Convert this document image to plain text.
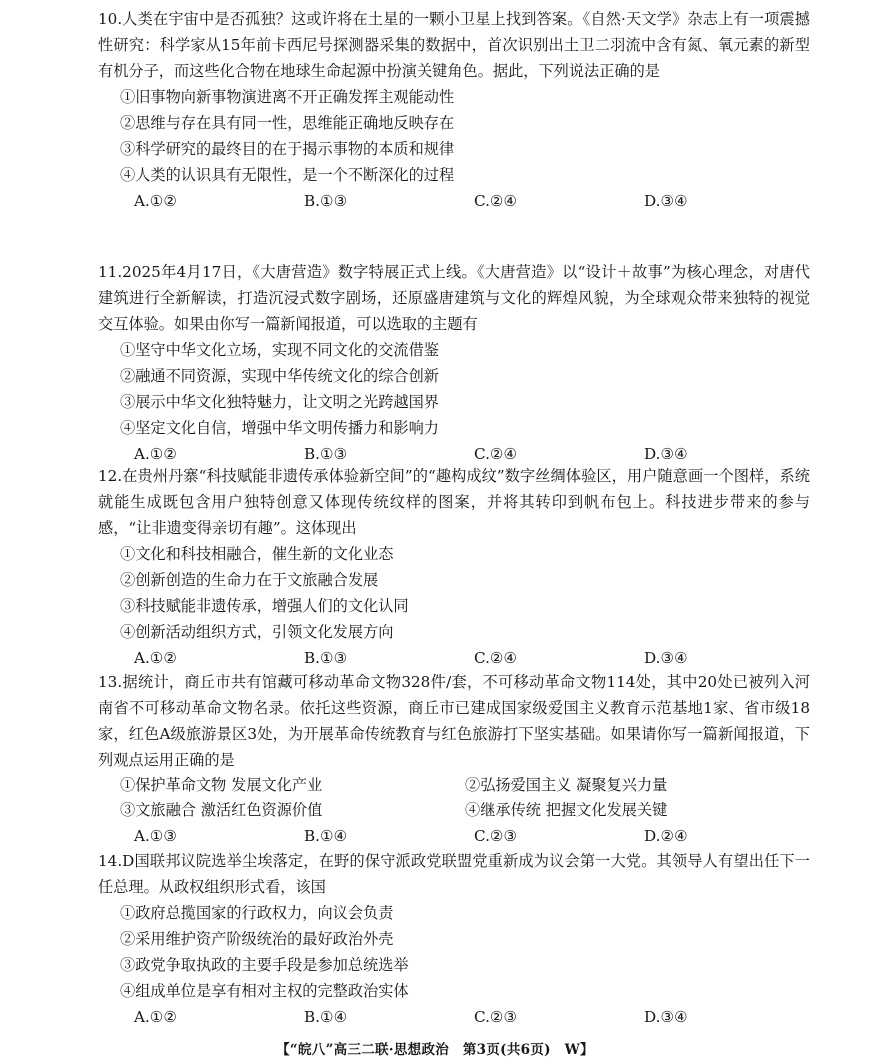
10.人类在宇宙中是否孤独？这或许将在土星的一颗小卫星上找到答案。《自然·天文学》杂志上有一项震撼性研究：科学家从15年前卡西尼号探测器采集的数据中，首次识别出土卫二羽流中含有氮、氧元素的新型有机分子，而这些化合物在地球生命起源中扮演关键角色。据此，下列说法正确的是

①旧事物向新事物演进离不开正确发挥主观能动性

②思维与存在具有同一性，思维能正确地反映存在

③科学研究的最终目的在于揭示事物的本质和规律

④人类的认识具有无限性，是一个不断深化的过程

A.①②	B.①③	C.②④	D.③④

11.2025年4月17日，《大唐营造》数字特展正式上线。《大唐营造》以“设计＋故事”为核心理念，对唐代建筑进行全新解读，打造沉浸式数字剧场，还原盛唐建筑与文化的辉煌风貌，为全球观众带来独特的视觉交互体验。如果由你写一篇新闻报道，可以选取的主题有

①坚守中华文化立场，实现不同文化的交流借鉴

②融通不同资源，实现中华传统文化的综合创新

③展示中华文化独特魅力，让文明之光跨越国界

④坚定文化自信，增强中华文明传播力和影响力

A.①②	B.①③	C.②④	D.③④

12.在贵州丹寨“科技赋能非遗传承体验新空间”的“趣构成纹”数字丝绸体验区，用户随意画一个图样，系统就能生成既包含用户独特创意又体现传统纹样的图案，并将其转印到帆布包上。科技进步带来的参与感，“让非遗变得亲切有趣”。这体现出

①文化和科技相融合，催生新的文化业态

②创新创造的生命力在于文旅融合发展

③科技赋能非遗传承，增强人们的文化认同

④创新活动组织方式，引领文化发展方向

A.①②	B.①③	C.②④	D.③④

13.据统计，商丘市共有馆藏可移动革命文物328件/套，不可移动革命文物114处，其中20处已被列入河南省不可移动革命文物名录。依托这些资源，商丘市已建成国家级爱国主义教育示范基地1家、省市级18家，红色A级旅游景区3处，为开展革命传统教育与红色旅游打下坚实基础。如果请你写一篇新闻报道，下列观点运用正确的是

①保护革命文物 发展文化产业	②弘扬爱国主义 凝聚复兴力量
③文旅融合 激活红色资源价值	④继承传统 把握文化发展关键
A.①③	B.①④	C.②③	D.②④

14.D国联邦议院选举尘埃落定，在野的保守派政党联盟党重新成为议会第一大党。其领导人有望出任下一任总理。从政权组织形式看，该国

①政府总揽国家的行政权力，向议会负责

②采用维护资产阶级统治的最好政治外壳

③政党争取执政的主要手段是参加总统选举

④组成单位是享有相对主权的完整政治实体

A.①②	B.①④	C.②③	D.③④
【“皖八”高三二联·思想政治　第3页(共6页)　W】
